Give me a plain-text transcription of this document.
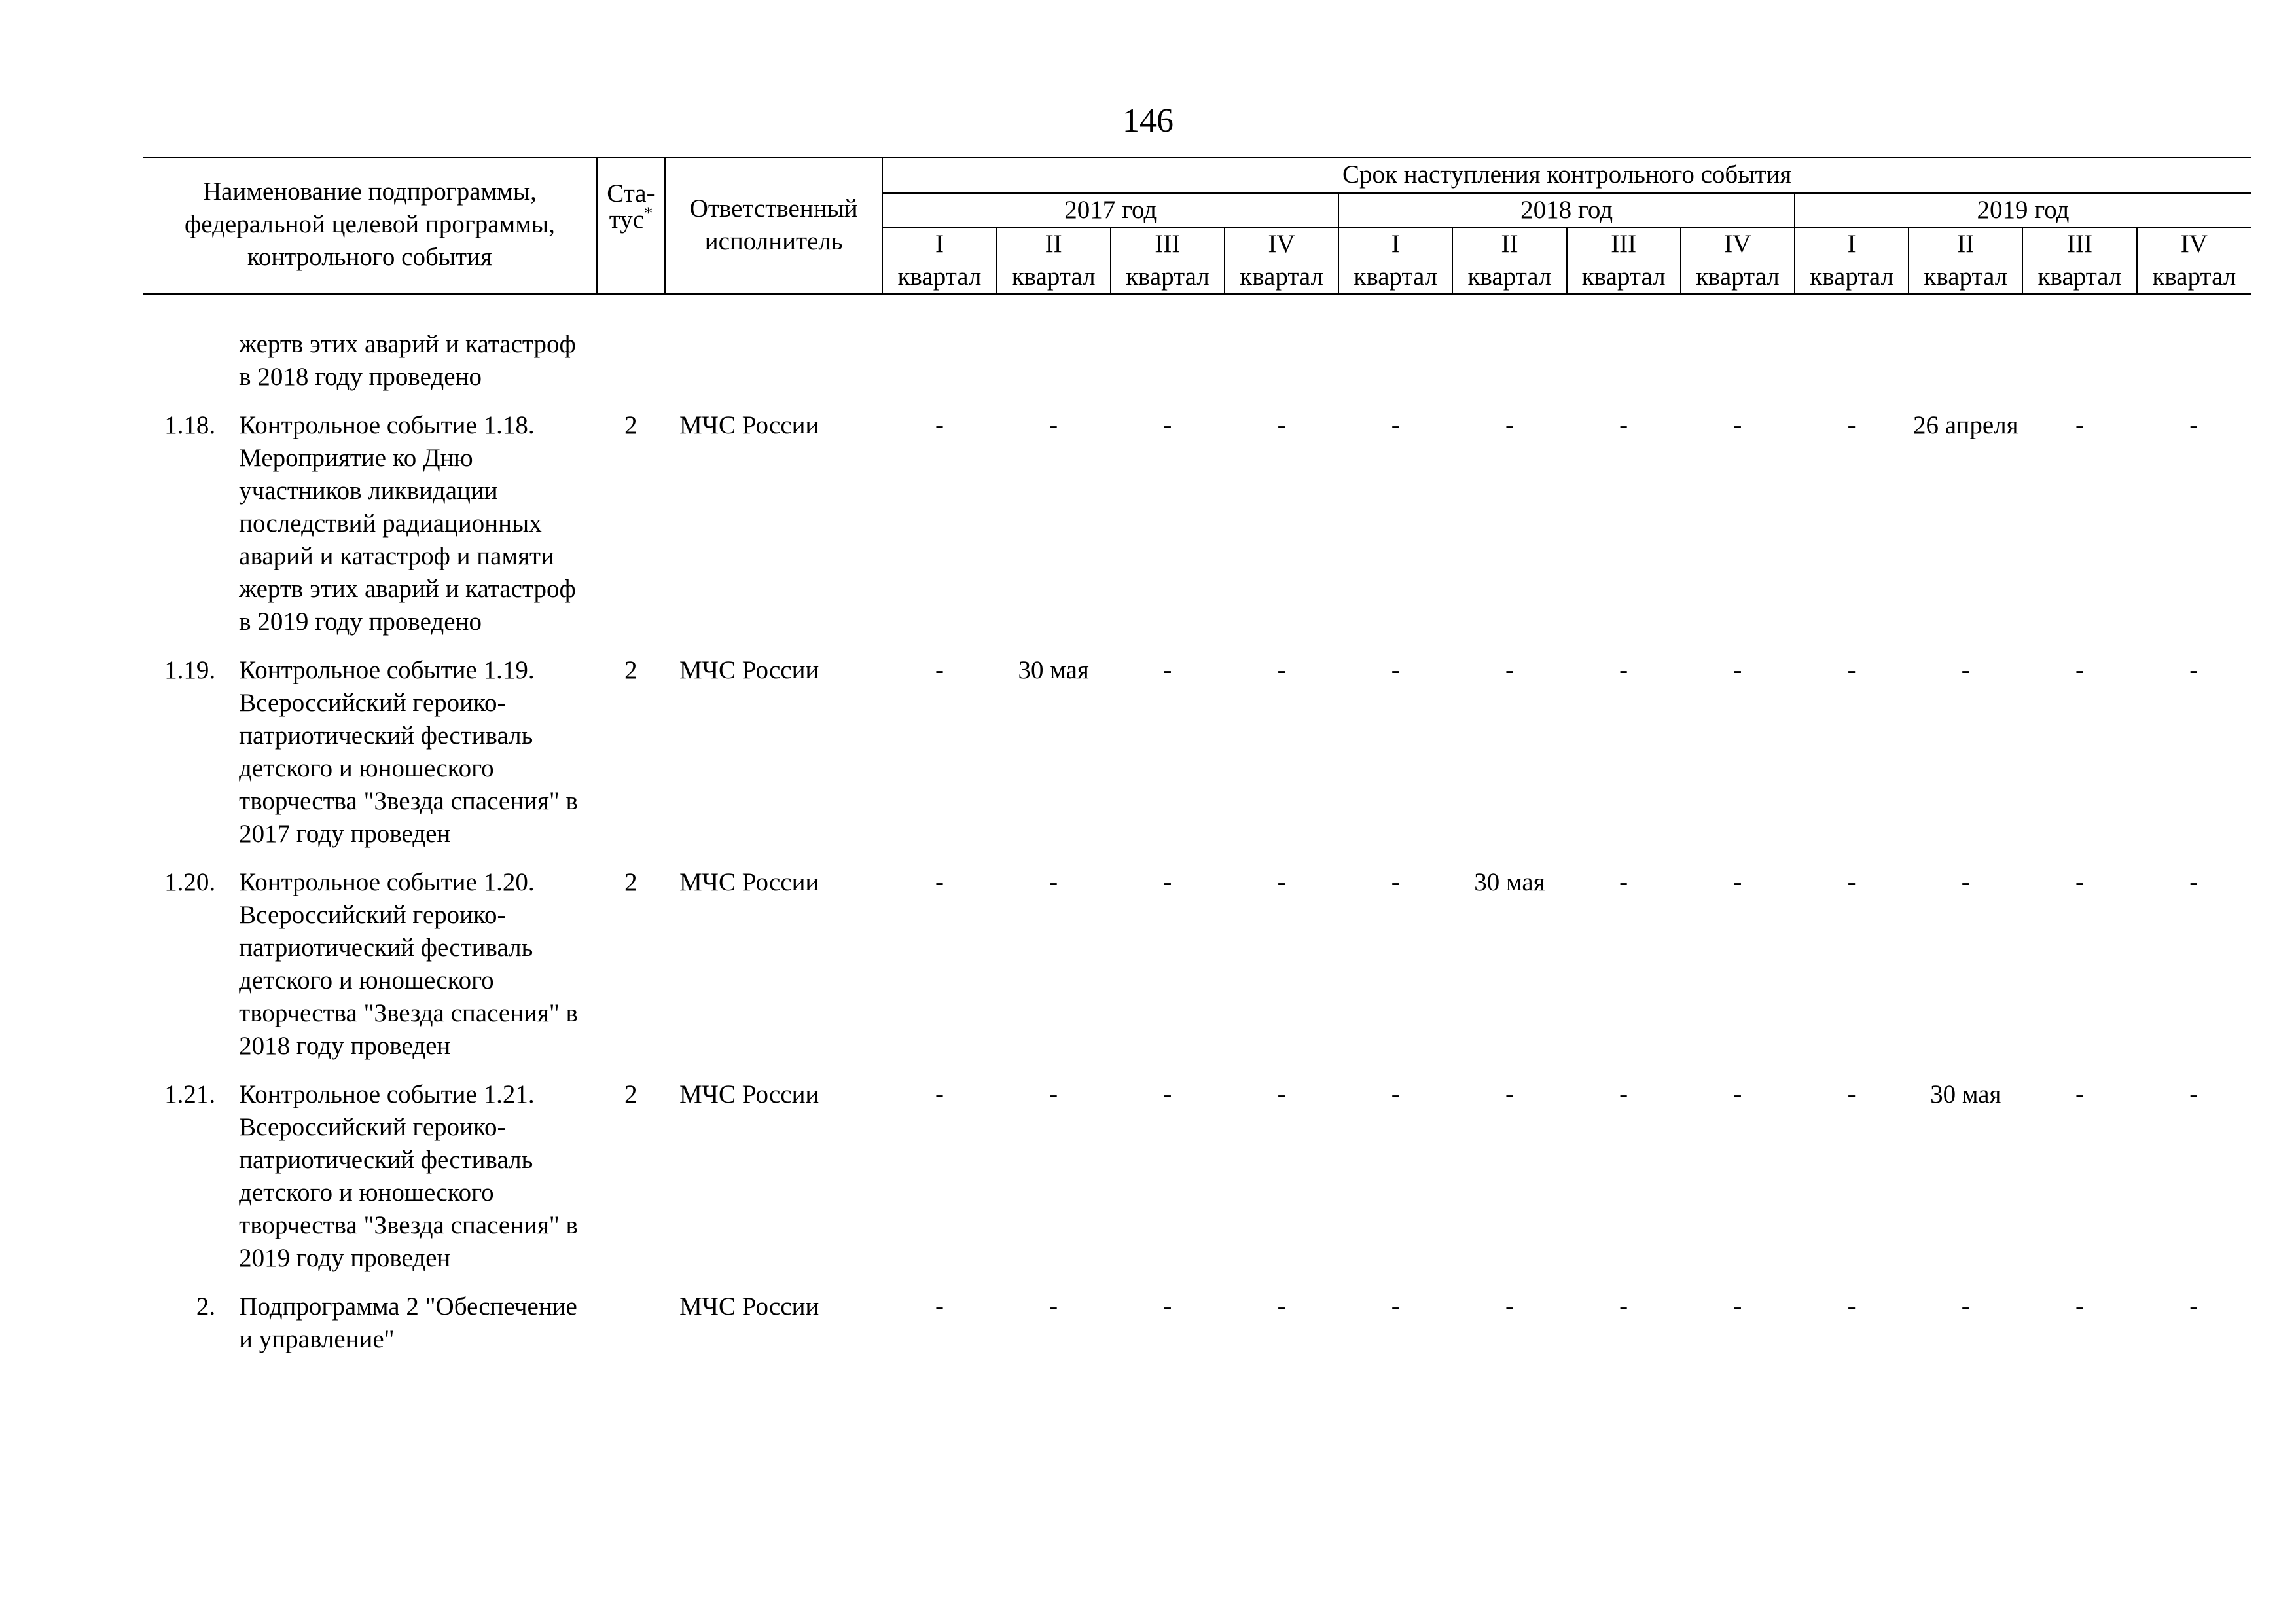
146
Наименование подпрограммы, федеральной целевой программы, контрольного события		Ста-
тус*	Ответственный исполнитель	Срок наступления контрольного события											
				2017 год				2018 год				2019 год			
				I	II	III	IV	I	II	III	IV	I	II	III	IV
				квартал	квартал	квартал	квартал	квартал	квартал	квартал	квартал	квартал	квартал	квартал	квартал
	жертв этих аварий и катастроф в 2018 году проведено														
1.18.	Контрольное событие 1.18. Мероприятие ко Дню участников ликвидации последствий радиационных аварий и катастроф и памяти жертв этих аварий и катастроф в 2019 году проведено	2	МЧС России	-	-	-	-	-	-	-	-	-	26 апреля	-	-
1.19.	Контрольное событие 1.19. Всероссийский героико-патриотический фестиваль детского и юношеского творчества "Звезда спасения" в 2017 году проведен	2	МЧС России	-	30 мая	-	-	-	-	-	-	-	-	-	-
1.20.	Контрольное событие 1.20. Всероссийский героико-патриотический фестиваль детского и юношеского творчества "Звезда спасения" в 2018 году проведен	2	МЧС России	-	-	-	-	-	30 мая	-	-	-	-	-	-
1.21.	Контрольное событие 1.21. Всероссийский героико-патриотический фестиваль детского и юношеского творчества "Звезда спасения" в 2019 году проведен	2	МЧС России	-	-	-	-	-	-	-	-	-	30 мая	-	-
2.	Подпрограмма 2 "Обеспечение и управление"		МЧС России	-	-	-	-	-	-	-	-	-	-	-	-
